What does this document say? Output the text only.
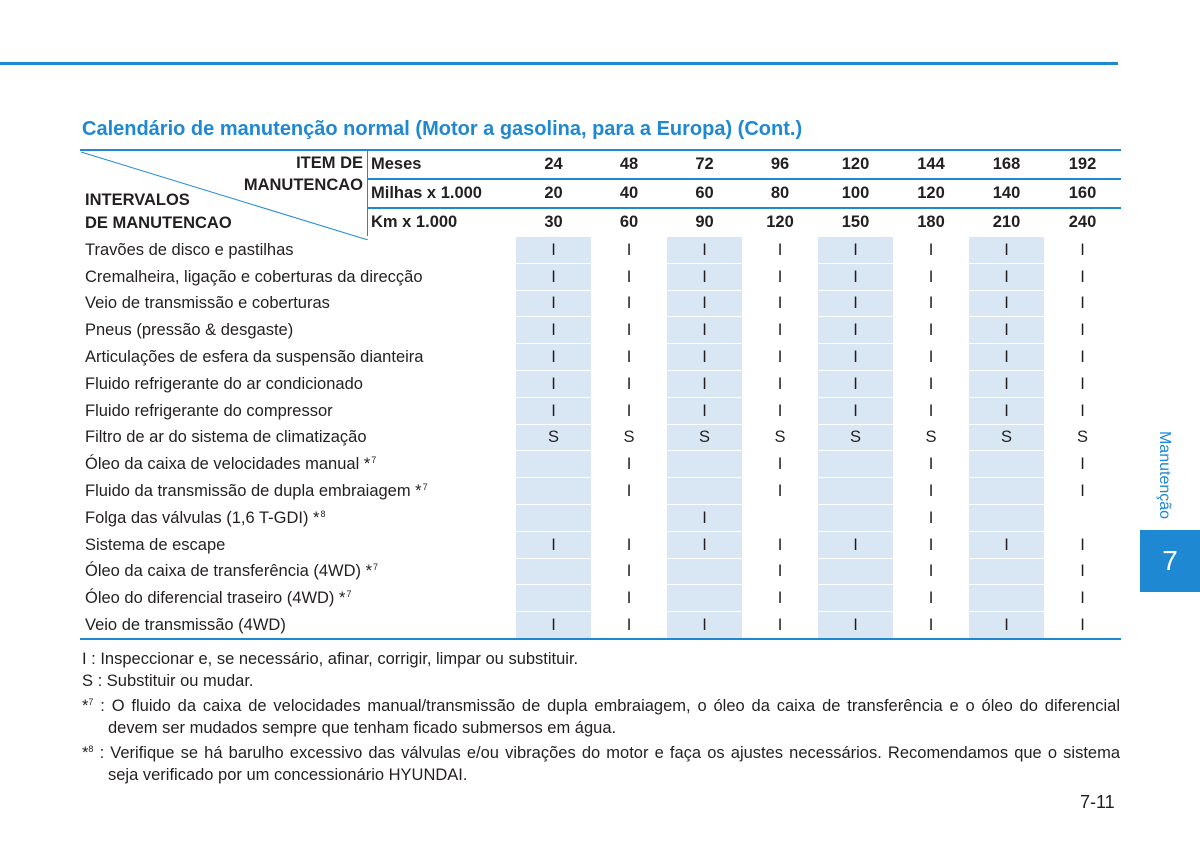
Calendário de manutenção normal (Motor a gasolina, para a Europa) (Cont.)
ITEM DE
MANUTENCAO
INTERVALOS
DE MANUTENCAO	Meses	24	48	72	96	120	144	168	192
	Milhas x 1.000	20	40	60	80	100	120	140	160
	Km x 1.000	30	60	90	120	150	180	210	240
Travões de disco e pastilhas		I	I	I	I	I	I	I	I
Cremalheira, ligação e coberturas da direcção		I	I	I	I	I	I	I	I
Veio de transmissão e coberturas		I	I	I	I	I	I	I	I
Pneus (pressão & desgaste)		I	I	I	I	I	I	I	I
Articulações de esfera da suspensão dianteira		I	I	I	I	I	I	I	I
Fluido refrigerante do ar condicionado		I	I	I	I	I	I	I	I
Fluido refrigerante do compressor		I	I	I	I	I	I	I	I
Filtro de ar do sistema de climatização		S	S	S	S	S	S	S	S
Óleo da caixa de velocidades manual *$^7$			I		I		I		I
Fluido da transmissão de dupla embraiagem *$^7$			I		I		I		I
Folga das válvulas (1,6 T-GDI) *$^8$				I			I		
Sistema de escape		I	I	I	I	I	I	I	I
Óleo da caixa de transferência (4WD) *$^7$			I		I		I		I
Óleo do diferencial traseiro (4WD) *$^7$			I		I		I		I
Veio de transmissão (4WD)		I	I	I	I	I	I	I	I
I : Inspeccionar e, se necessário, afinar, corrigir, limpar ou substituir.
S : Substituir ou mudar.
*$^7$ : O fluido da caixa de velocidades manual/transmissão de dupla embraiagem, o óleo da caixa de transferência e o óleo do diferencial devem ser mudados sempre que tenham ficado submersos em água.
*$^8$ : Verifique se há barulho excessivo das válvulas e/ou vibrações do motor e faça os ajustes necessários. Recomendamos que o sistema seja verificado por um concessionário HYUNDAI.
Manutenção
7
7-11
